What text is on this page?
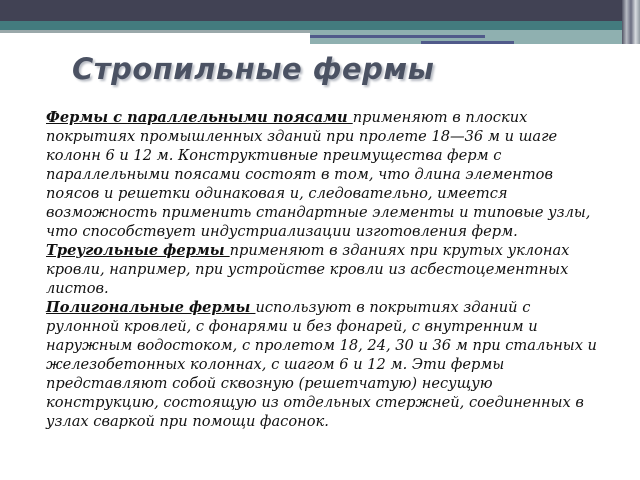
Стропильные фермы

Фермы с параллельными поясами применяют в плоских покрытиях промышленных зданий при пролете 18—36 м и шаге колонн 6 и 12 м. Конструктивные преимущества ферм с параллельными поясами состоят в том, что длина элементов поясов и решетки одинаковая и, следовательно, имеется возможность применить стандартные элементы и типовые узлы, что способствует индустриализации изготовления ферм.

Треугольные фермы применяют в зданиях при крутых уклонах кровли, например, при устройстве кровли из асбестоцементных листов.

Полигональные фермы используют в покрытиях зданий с рулонной кровлей, с фонарями и без фонарей, с внутренним и наружным водостоком, с пролетом 18, 24, 30 и 36 м при стальных и железобетонных колоннах, с шагом 6 и 12 м. Эти фермы представляют собой сквозную (решетчатую) несущую конструкцию, состоящую из отдельных стержней, соединенных в узлах сваркой при помощи фасонок.
